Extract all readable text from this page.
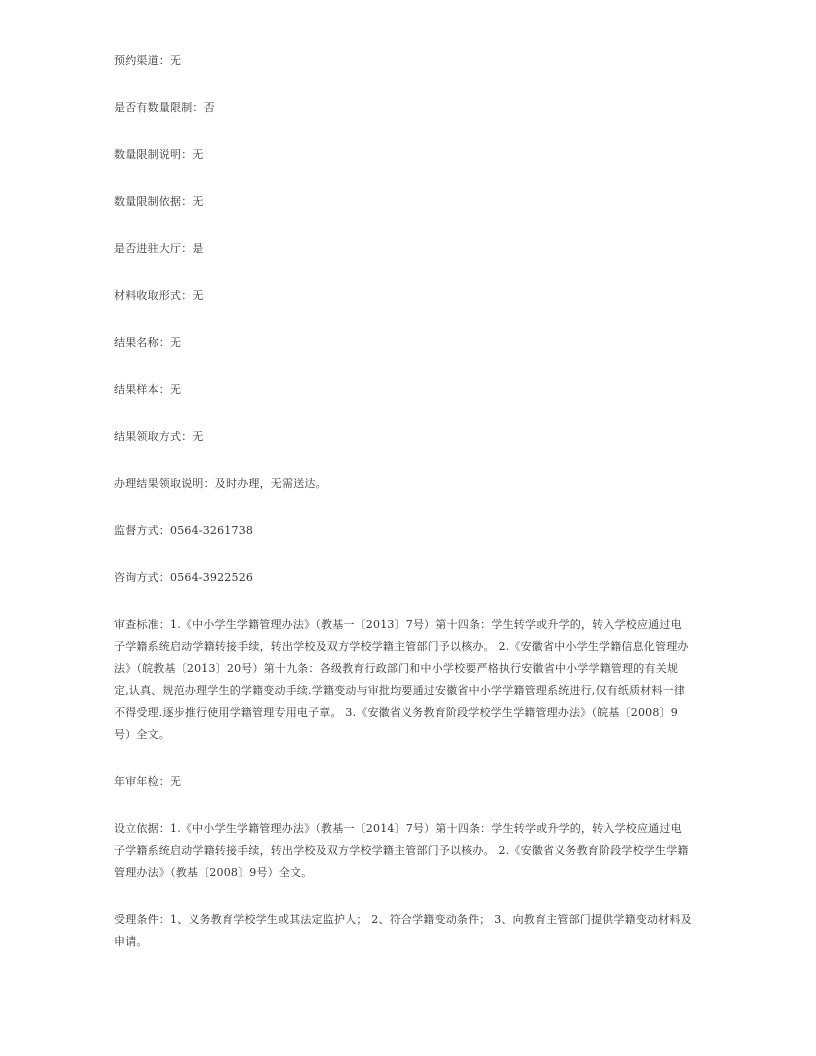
预约渠道：无

是否有数量限制：否

数量限制说明：无

数量限制依据：无

是否进驻大厅：是

材料收取形式：无

结果名称：无

结果样本：无

结果领取方式：无

办理结果领取说明：及时办理，无需送达。

监督方式：0564-3261738

咨询方式：0564-3922526

审查标准：1.《中小学生学籍管理办法》（教基一〔2013〕7号）第十四条：学生转学或升学的，转入学校应通过电子学籍系统启动学籍转接手续，转出学校及双方学校学籍主管部门予以核办。 2.《安徽省中小学生学籍信息化管理办法》（皖教基〔2013〕20号）第十九条：各级教育行政部门和中小学校要严格执行安徽省中小学学籍管理的有关规定,认真、规范办理学生的学籍变动手续.学籍变动与审批均要通过安徽省中小学学籍管理系统进行,仅有纸质材料一律不得受理.逐步推行使用学籍管理专用电子章。 3.《安徽省义务教育阶段学校学生学籍管理办法》（皖基〔2008〕9号）全文。

年审年检：无

设立依据：1.《中小学生学籍管理办法》（教基一〔2014〕7号）第十四条：学生转学或升学的，转入学校应通过电子学籍系统启动学籍转接手续，转出学校及双方学校学籍主管部门予以核办。 2.《安徽省义务教育阶段学校学生学籍管理办法》（教基〔2008〕9号）全文。

受理条件：1、义务教育学校学生或其法定监护人； 2、符合学籍变动条件； 3、向教育主管部门提供学籍变动材料及申请。
